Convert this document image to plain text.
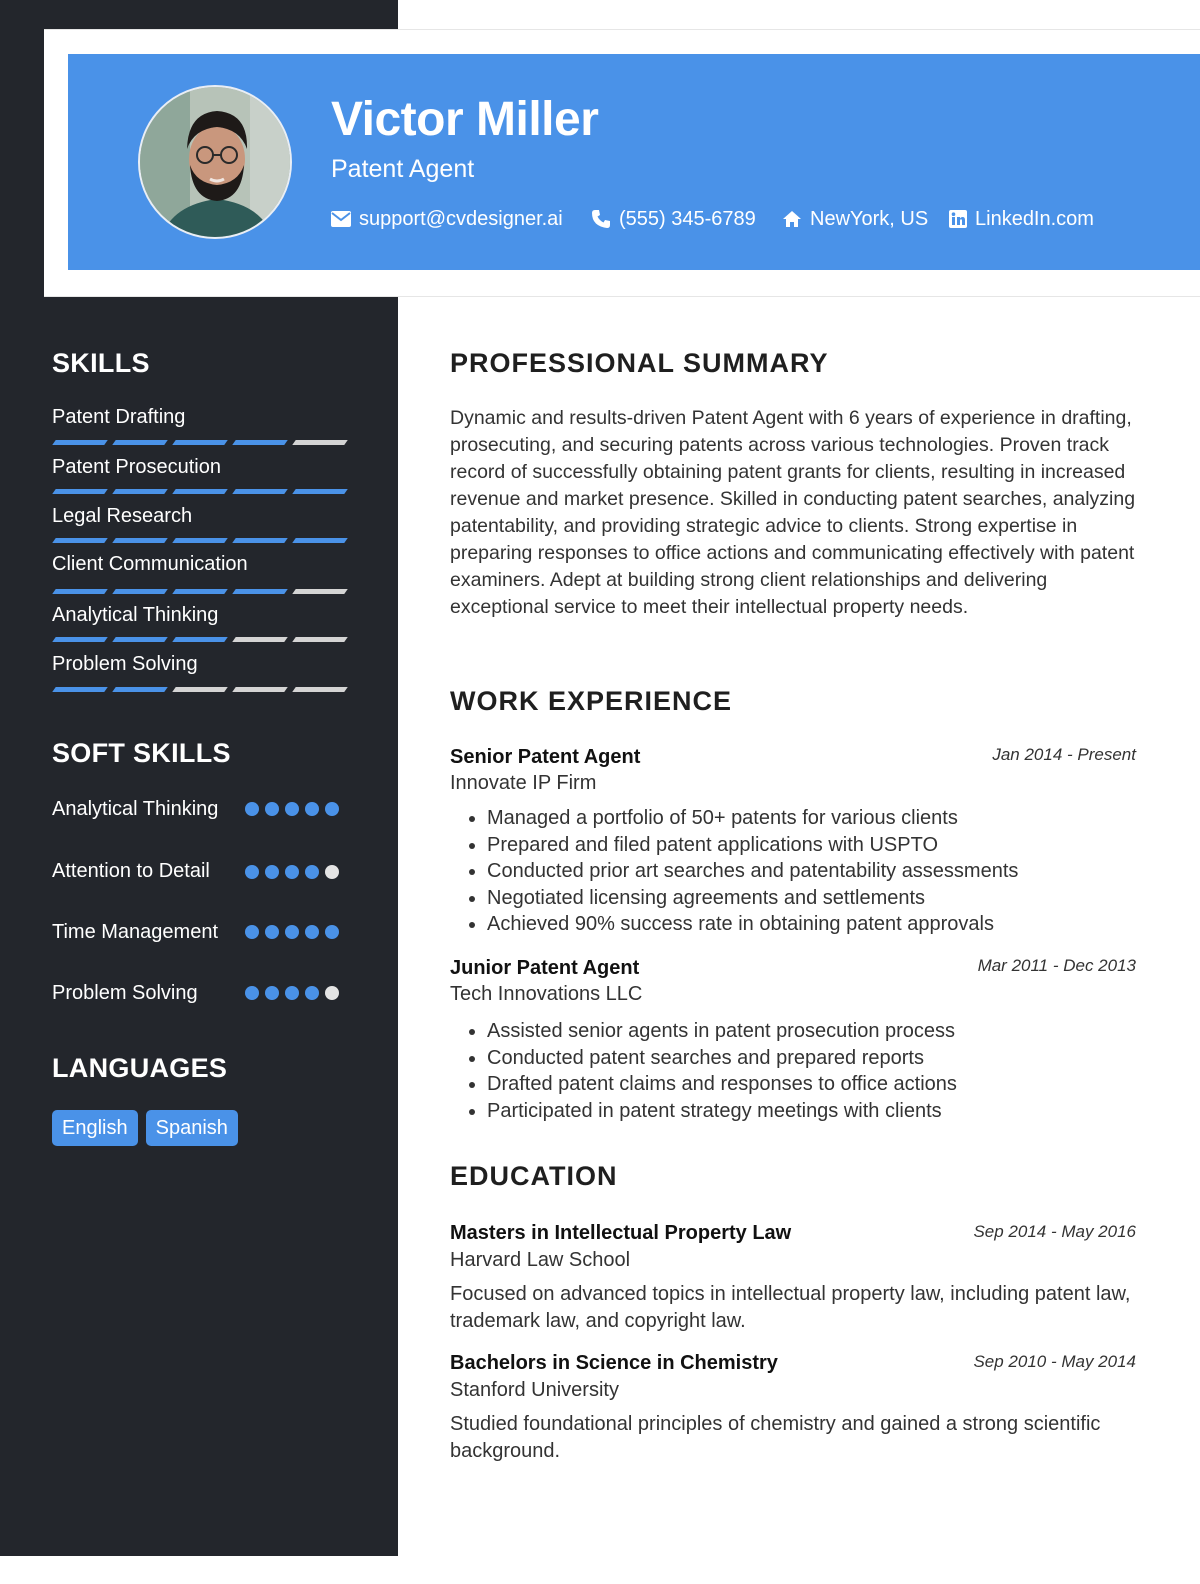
Victor Miller
Patent Agent
support@cvdesigner.ai	(555) 345-6789	NewYork, US LinkedIn.com
SKILLS
Patent Drafting
Patent Prosecution
Legal Research
Client Communication
Analytical Thinking
Problem Solving
SOFT SKILLS
Analytical Thinking
Attention to Detail
Time Management
Problem Solving
LANGUAGES
English	Spanish
PROFESSIONAL SUMMARY
Dynamic and results-driven Patent Agent with 6 years of experience in drafting, prosecuting, and securing patents across various technologies. Proven track record of successfully obtaining patent grants for clients, resulting in increased revenue and market presence. Skilled in conducting patent searches, analyzing patentability, and providing strategic advice to clients. Strong expertise in preparing responses to office actions and communicating effectively with patent examiners. Adept at building strong client relationships and delivering exceptional service to meet their intellectual property needs.
WORK EXPERIENCE
Senior Patent Agent	Jan 2014 - Present
Innovate IP Firm
• Managed a portfolio of 50+ patents for various clients
• Prepared and filed patent applications with USPTO
• Conducted prior art searches and patentability assessments
• Negotiated licensing agreements and settlements
• Achieved 90% success rate in obtaining patent approvals
Junior Patent Agent	Mar 2011 - Dec 2013
Tech Innovations LLC
• Assisted senior agents in patent prosecution process
• Conducted patent searches and prepared reports
• Drafted patent claims and responses to office actions
• Participated in patent strategy meetings with clients
EDUCATION
Masters in Intellectual Property Law	Sep 2014 - May 2016
Harvard Law School
Focused on advanced topics in intellectual property law, including patent law, trademark law, and copyright law.
Bachelors in Science in Chemistry	Sep 2010 - May 2014
Stanford University
Studied foundational principles of chemistry and gained a strong scientific background.
